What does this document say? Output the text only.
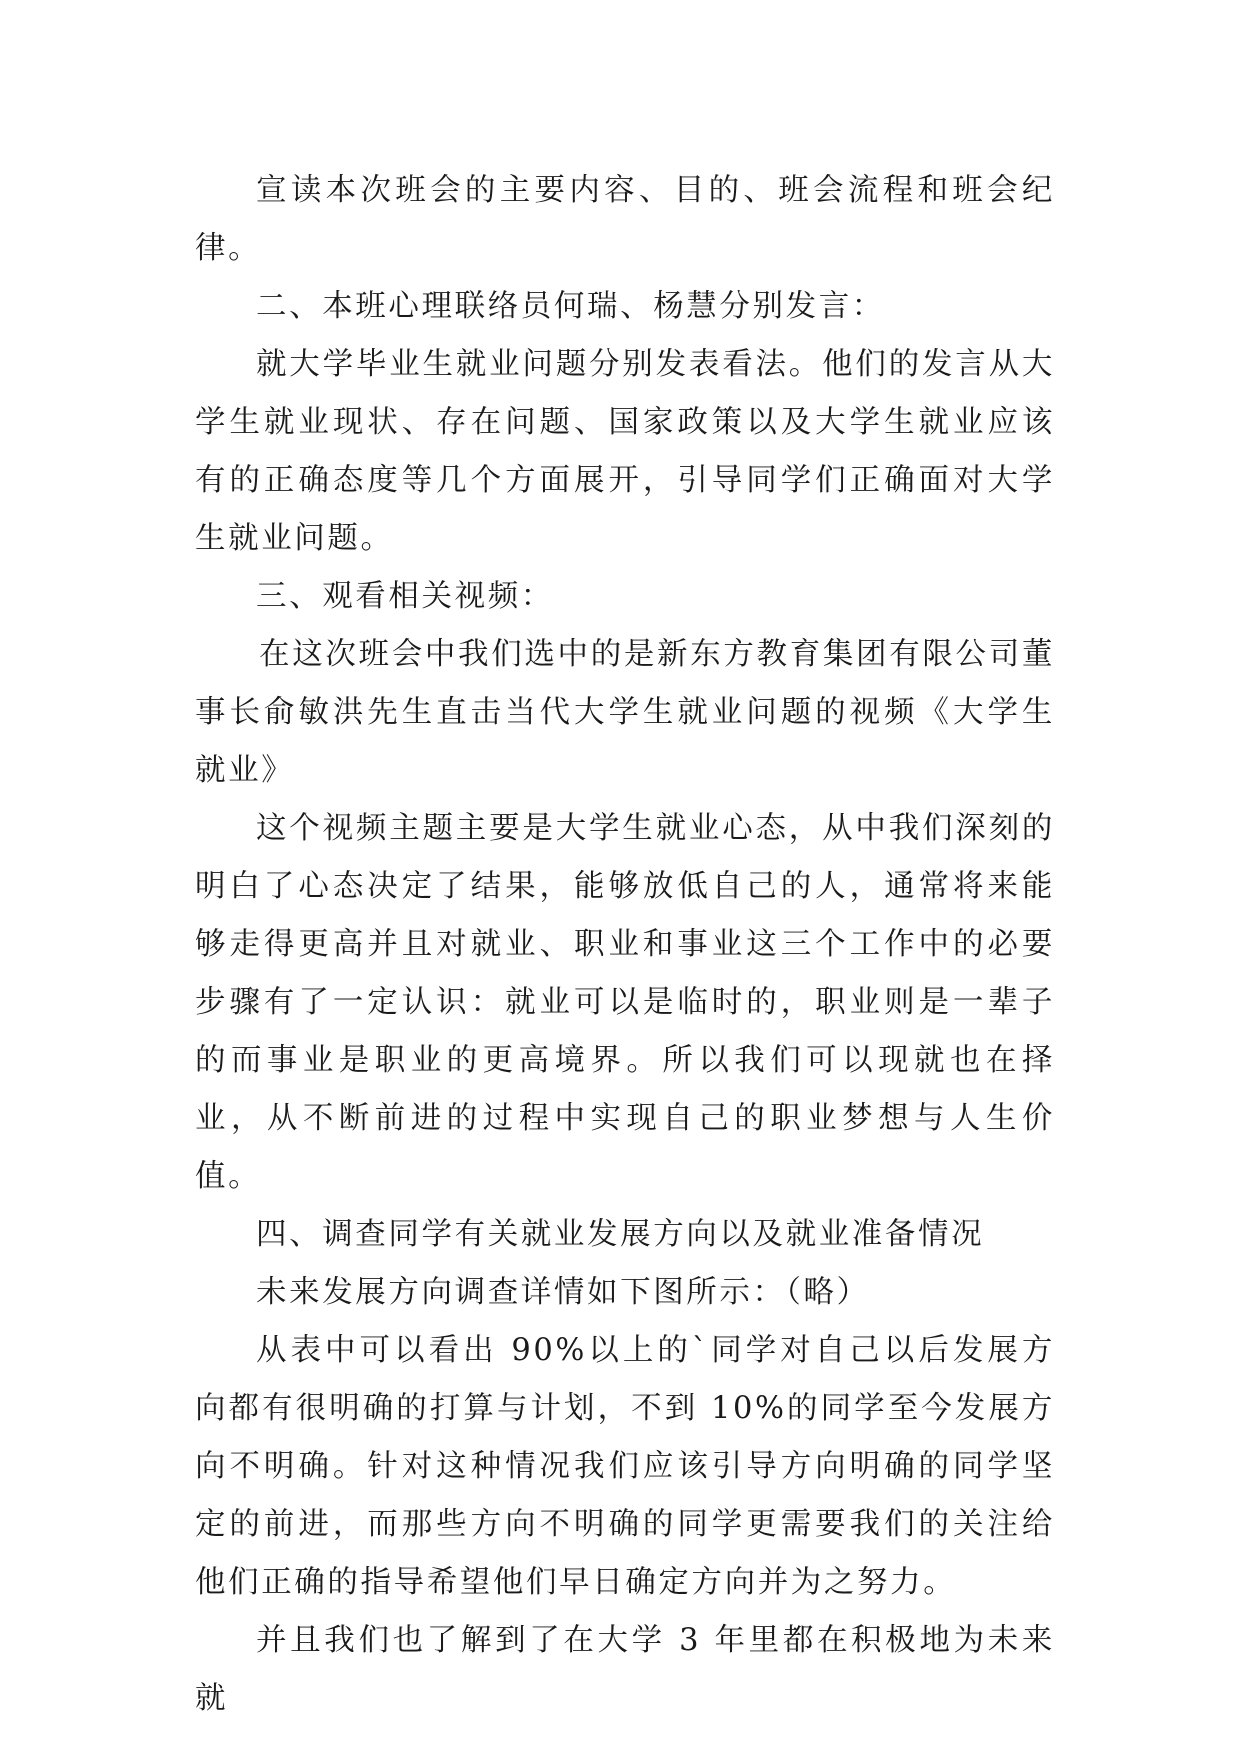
宣读本次班会的主要内容、目的、班会流程和班会纪律。

二、本班心理联络员何瑞、杨慧分别发言：

就大学毕业生就业问题分别发表看法。他们的发言从大学生就业现状、存在问题、国家政策以及大学生就业应该有的正确态度等几个方面展开，引导同学们正确面对大学生就业问题。

三、观看相关视频：

在这次班会中我们选中的是新东方教育集团有限公司董事长俞敏洪先生直击当代大学生就业问题的视频《大学生就业》

这个视频主题主要是大学生就业心态，从中我们深刻的明白了心态决定了结果，能够放低自己的人，通常将来能够走得更高并且对就业、职业和事业这三个工作中的必要步骤有了一定认识：就业可以是临时的，职业则是一辈子的而事业是职业的更高境界。所以我们可以现就也在择业，从不断前进的过程中实现自己的职业梦想与人生价值。

四、调查同学有关就业发展方向以及就业准备情况

未来发展方向调查详情如下图所示：（略）

从表中可以看出 90%以上的`同学对自己以后发展方向都有很明确的打算与计划，不到 10%的同学至今发展方向不明确。针对这种情况我们应该引导方向明确的同学坚定的前进，而那些方向不明确的同学更需要我们的关注给他们正确的指导希望他们早日确定方向并为之努力。

并且我们也了解到了在大学 3 年里都在积极地为未来就
